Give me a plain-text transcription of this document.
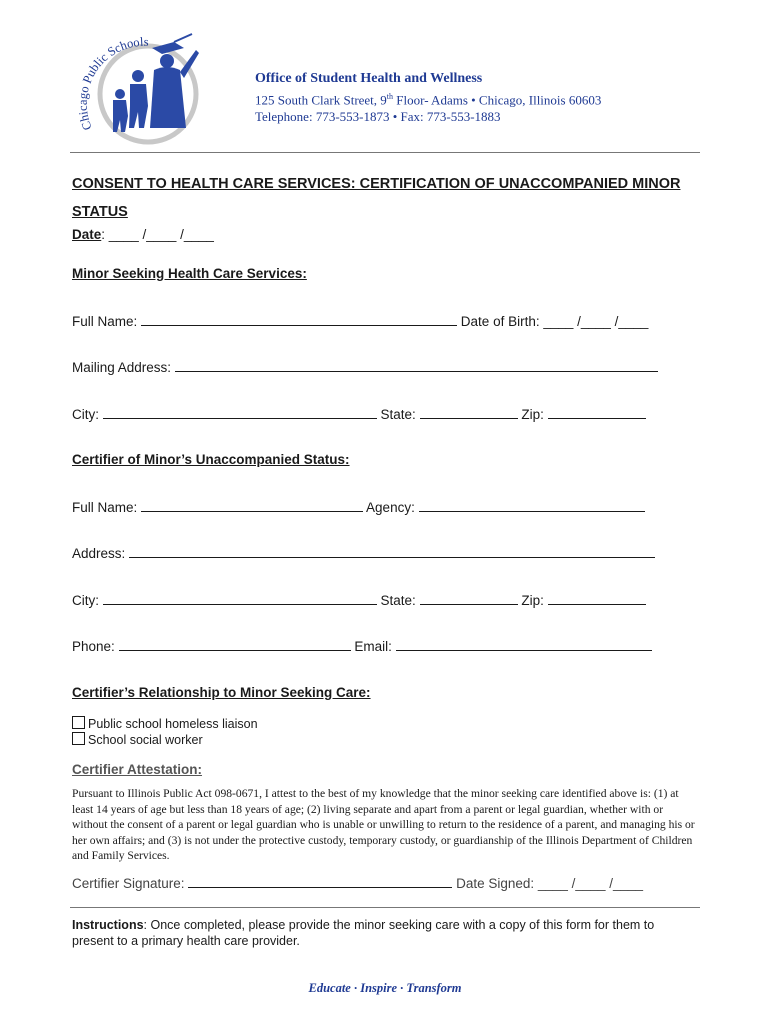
Chicago Public Schools
Office of Student Health and Wellness
125 South Clark Street, 9th Floor- Adams • Chicago, Illinois 60603
Telephone: 773-553-1873 • Fax: 773-553-1883
CONSENT TO HEALTH CARE SERVICES: CERTIFICATION OF UNACCOMPANIED MINOR STATUS
Date: ____ /____ /____
Minor Seeking Health Care Services:
Full Name:	Date of Birth: ____ /____ /____
Mailing Address:
City:	State:	Zip:
Certifier of Minor’s Unaccompanied Status:
Full Name:	Agency:
Address:
City:	State:	Zip:
Phone:	Email:
Certifier’s Relationship to Minor Seeking Care:
Public school homeless liaison
School social worker
Certifier Attestation:
Pursuant to Illinois Public Act 098-0671, I attest to the best of my knowledge that the minor seeking care identified above is: (1) at least 14 years of age but less than 18 years of age; (2) living separate and apart from a parent or legal guardian, whether with or without the consent of a parent or legal guardian who is unable or unwilling to return to the residence of a parent, and managing his or her own affairs; and (3) is not under the protective custody, temporary custody, or guardianship of the Illinois Department of Children and Family Services.
Certifier Signature:	Date Signed: ____ /____ /____
Instructions: Once completed, please provide the minor seeking care with a copy of this form for them to present to a primary health care provider.
Educate · Inspire · Transform
